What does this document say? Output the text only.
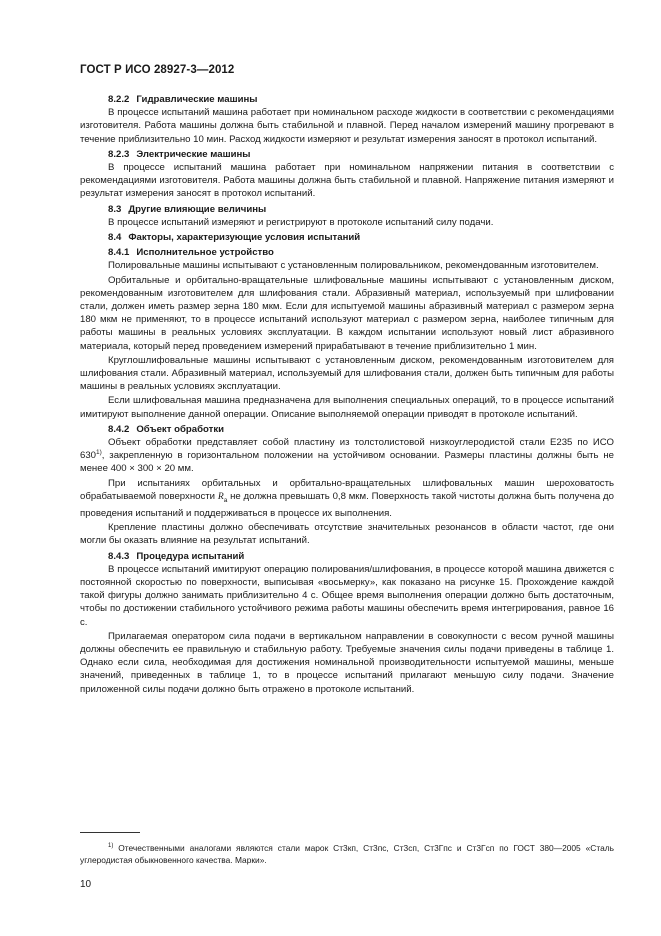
ГОСТ Р ИСО 28927-3—2012
8.2.2 Гидравлические машины

В процессе испытаний машина работает при номинальном расходе жидкости в соответствии с рекомендациями изготовителя. Работа машины должна быть стабильной и плавной. Перед началом измерений машину прогревают в течение приблизительно 10 мин. Расход жидкости измеряют и результат измерения заносят в протокол испытаний.

8.2.3 Электрические машины

В процессе испытаний машина работает при номинальном напряжении питания в соответствии с рекомендациями изготовителя. Работа машины должна быть стабильной и плавной. Напряжение питания измеряют и результат измерения заносят в протокол испытаний.

8.3 Другие влияющие величины

В процессе испытаний измеряют и регистрируют в протоколе испытаний силу подачи.

8.4 Факторы, характеризующие условия испытаний
8.4.1 Исполнительное устройство

Полировальные машины испытывают с установленным полировальником, рекомендованным изготовителем.

Орбитальные и орбитально-вращательные шлифовальные машины испытывают с установленным диском, рекомендованным изготовителем для шлифования стали. Абразивный материал, используемый при шлифовании стали, должен иметь размер зерна 180 мкм. Если для испытуемой машины абразивный материал с размером зерна 180 мкм не применяют, то в процессе испытаний используют материал с размером зерна, наиболее типичным для работы машины в реальных условиях эксплуатации. В каждом испытании используют новый лист абразивного материала, который перед проведением измерений прирабатывают в течение приблизительно 1 мин.

Круглошлифовальные машины испытывают с установленным диском, рекомендованным изготовителем для шлифования стали. Абразивный материал, используемый для шлифования стали, должен быть типичным для работы машины в реальных условиях эксплуатации.

Если шлифовальная машина предназначена для выполнения специальных операций, то в процессе испытаний имитируют выполнение данной операции. Описание выполняемой операции приводят в протоколе испытаний.

8.4.2 Объект обработки

Объект обработки представляет собой пластину из толстолистовой низкоуглеродистой стали Е235 по ИСО 630$^{1)}$, закрепленную в горизонтальном положении на устойчивом основании. Размеры пластины должны быть не менее 400 × 300 × 20 мм.

При испытаниях орбитальных и орбитально-вращательных шлифовальных машин шероховатость обрабатываемой поверхности $R_a$ не должна превышать 0,8 мкм. Поверхность такой чистоты должна быть получена до проведения испытаний и поддерживаться в процессе их выполнения.

Крепление пластины должно обеспечивать отсутствие значительных резонансов в области частот, где они могли бы оказать влияние на результат испытаний.

8.4.3 Процедура испытаний

В процессе испытаний имитируют операцию полирования/шлифования, в процессе которой машина движется с постоянной скоростью по поверхности, выписывая «восьмерку», как показано на рисунке 15. Прохождение каждой такой фигуры должно занимать приблизительно 4 с. Общее время выполнения операции должно быть достаточным, чтобы по достижении стабильного устойчивого режима работы машины обеспечить время интегрирования, равное 16 с.

Прилагаемая оператором сила подачи в вертикальном направлении в совокупности с весом ручной машины должны обеспечить ее правильную и стабильную работу. Требуемые значения силы подачи приведены в таблице 1. Однако если сила, необходимая для достижения номинальной производительности испытуемой машины, меньше значений, приведенных в таблице 1, то в процессе испытаний прилагают меньшую силу подачи. Значение приложенной силы подачи должно быть отражено в протоколе испытаний.

$^{1)}$ Отечественными аналогами являются стали марок Ст3кп, Ст3пс, Ст3сп, Ст3Гпс и Ст3Гсп по ГОСТ 380—2005 «Сталь углеродистая обыкновенного качества. Марки».
10
